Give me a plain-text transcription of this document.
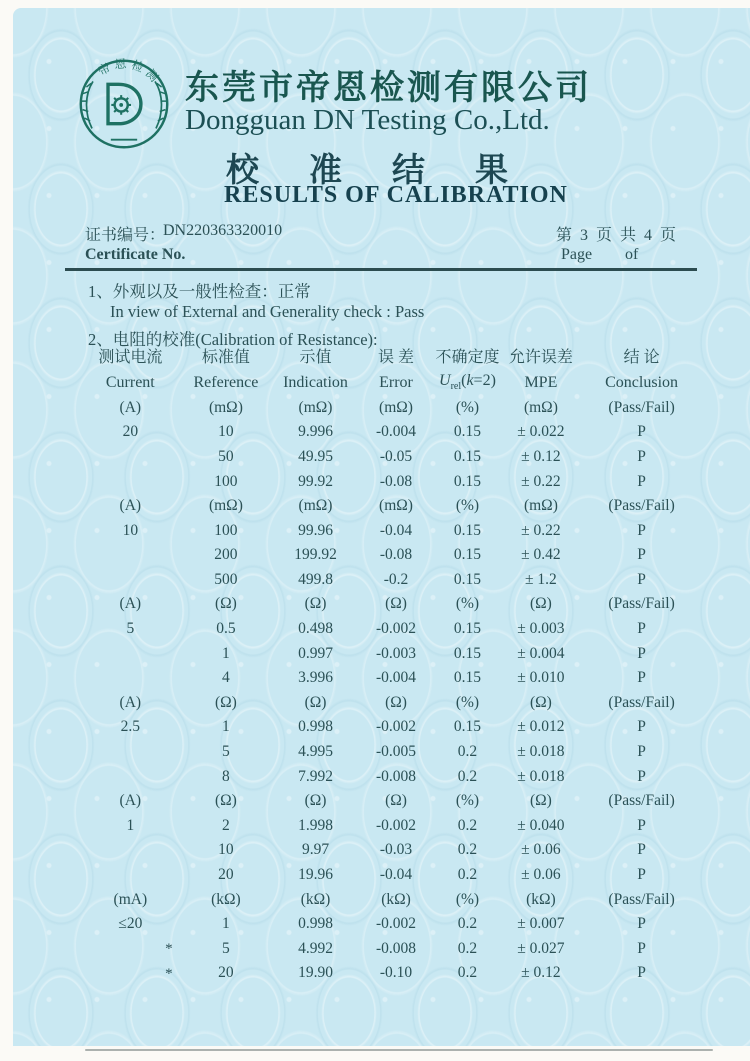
帝恩检测 东莞市帝恩检测有限公司
Dongguan DN Testing Co.,Ltd.
校准结果
RESULTS OF CALIBRATION
证书编号：
DN220363320010
Certificate No.
第 3 页 共 4 页
Page of
1、外观以及一般性检查：正常
In view of External and Generality check : Pass
2、电阻的校准(Calibration of Resistance):
测试电流	标准值	示值	误 差	不确定度	允许误差	结 论
Current	Reference	Indication	Error	$U_{rel}(k=2)$	MPE	Conclusion
(A)	(mΩ)	(mΩ)	(mΩ)	(%)	(mΩ)	(Pass/Fail)
20	10	9.996	-0.004	0.15	± 0.022	P
	50	49.95	-0.05	0.15	± 0.12	P
	100	99.92	-0.08	0.15	± 0.22	P
(A)	(mΩ)	(mΩ)	(mΩ)	(%)	(mΩ)	(Pass/Fail)
10	100	99.96	-0.04	0.15	± 0.22	P
	200	199.92	-0.08	0.15	± 0.42	P
	500	499.8	-0.2	0.15	± 1.2	P
(A)	(Ω)	(Ω)	(Ω)	(%)	(Ω)	(Pass/Fail)
5	0.5	0.498	-0.002	0.15	± 0.003	P
	1	0.997	-0.003	0.15	± 0.004	P
	4	3.996	-0.004	0.15	± 0.010	P
(A)	(Ω)	(Ω)	(Ω)	(%)	(Ω)	(Pass/Fail)
2.5	1	0.998	-0.002	0.15	± 0.012	P
	5	4.995	-0.005	0.2	± 0.018	P
	8	7.992	-0.008	0.2	± 0.018	P
(A)	(Ω)	(Ω)	(Ω)	(%)	(Ω)	(Pass/Fail)
1	2	1.998	-0.002	0.2	± 0.040	P
	10	9.97	-0.03	0.2	± 0.06	P
	20	19.96	-0.04	0.2	± 0.06	P
(mA)	(kΩ)	(kΩ)	(kΩ)	(%)	(kΩ)	(Pass/Fail)
≤20	1	0.998	-0.002	0.2	± 0.007	P

*	5	4.992	-0.008	0.2	± 0.027	P

*	20	19.90	-0.10	0.2	± 0.12	P
